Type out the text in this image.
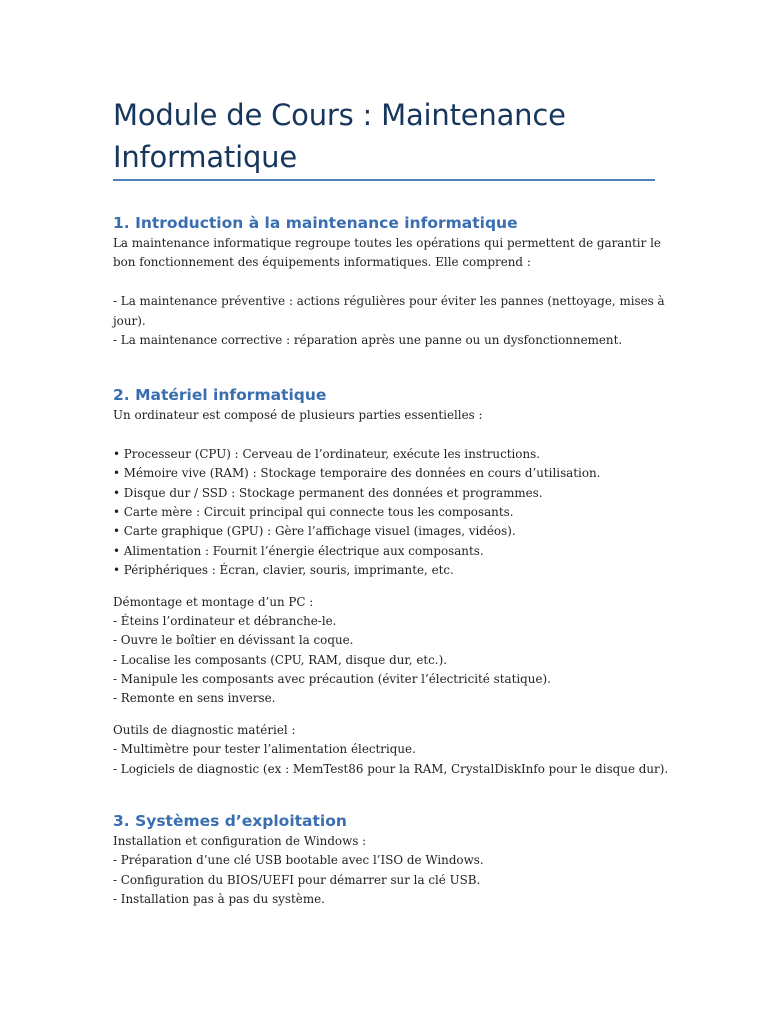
Module de Cours : Maintenance
Informatique
1. Introduction à la maintenance informatique
La maintenance informatique regroupe toutes les opérations qui permettent de garantir le
bon fonctionnement des équipements informatiques. Elle comprend :
- La maintenance préventive : actions régulières pour éviter les pannes (nettoyage, mises à
jour).
- La maintenance corrective : réparation après une panne ou un dysfonctionnement.
2. Matériel informatique
Un ordinateur est composé de plusieurs parties essentielles :
• Processeur (CPU) : Cerveau de l’ordinateur, exécute les instructions.
• Mémoire vive (RAM) : Stockage temporaire des données en cours d’utilisation.
• Disque dur / SSD : Stockage permanent des données et programmes.
• Carte mère : Circuit principal qui connecte tous les composants.
• Carte graphique (GPU) : Gère l’affichage visuel (images, vidéos).
• Alimentation : Fournit l’énergie électrique aux composants.
• Périphériques : Écran, clavier, souris, imprimante, etc.
Démontage et montage d’un PC :
- Éteins l’ordinateur et débranche-le.
- Ouvre le boîtier en dévissant la coque.
- Localise les composants (CPU, RAM, disque dur, etc.).
- Manipule les composants avec précaution (éviter l’électricité statique).
- Remonte en sens inverse.
Outils de diagnostic matériel :
- Multimètre pour tester l’alimentation électrique.
- Logiciels de diagnostic (ex : MemTest86 pour la RAM, CrystalDiskInfo pour le disque dur).
3. Systèmes d’exploitation
Installation et configuration de Windows :
- Préparation d’une clé USB bootable avec l’ISO de Windows.
- Configuration du BIOS/UEFI pour démarrer sur la clé USB.
- Installation pas à pas du système.
